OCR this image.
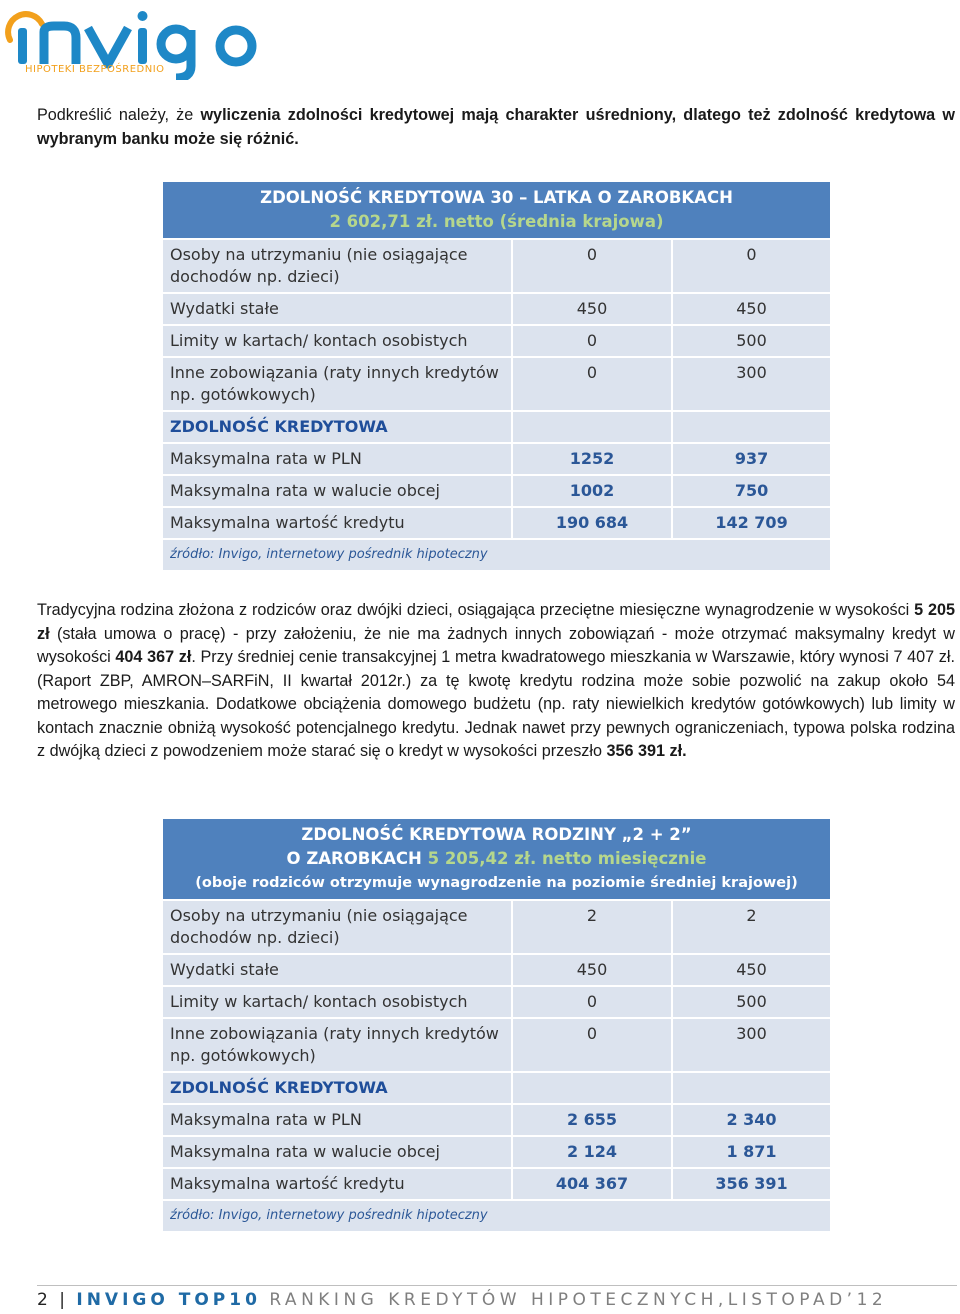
HIPOTEKI BEZPOŚREDNIO
Podkreślić należy, że wyliczenia zdolności kredytowej mają charakter uśredniony, dlatego też zdolność kredytowa w wybranym banku może się różnić.
ZDOLNOŚĆ KREDYTOWA 30 – LATKA O ZAROBKACH
2 602,71 zł. netto (średnia krajowa)		

Osoby na utrzymaniu (nie osiągające dochodów np. dzieci)	0	0
Wydatki stałe	450	450
Limity w kartach/ kontach osobistych	0	500
Inne zobowiązania (raty innych kredytów np. gotówkowych)	0	300
ZDOLNOŚĆ KREDYTOWA		
Maksymalna rata w PLN	1252	937
Maksymalna rata w walucie obcej	1002	750
Maksymalna wartość kredytu	190 684	142 709
źródło: Invigo, internetowy pośrednik hipoteczny		
Tradycyjna rodzina złożona z rodziców oraz dwójki dzieci, osiągająca przeciętne miesięczne wynagrodzenie w wysokości 5 205 zł (stała umowa o pracę) - przy założeniu, że nie ma żadnych innych zobowiązań - może otrzymać maksymalny kredyt w wysokości 404 367 zł. Przy średniej cenie transakcyjnej 1 metra kwadratowego mieszkania w Warszawie, który wynosi 7 407 zł. (Raport ZBP, AMRON–SARFiN, II kwartał 2012r.) za tę kwotę kredytu rodzina może sobie pozwolić na zakup około 54 metrowego mieszkania. Dodatkowe obciążenia domowego budżetu (np. raty niewielkich kredytów gotówkowych) lub limity w kontach znacznie obniżą wysokość potencjalnego kredytu. Jednak nawet przy pewnych ograniczeniach, typowa polska rodzina z dwójką dzieci z powodzeniem może starać się o kredyt w wysokości przeszło 356 391 zł.
ZDOLNOŚĆ KREDYTOWA RODZINY „2 + 2”
O ZAROBKACH 5 205,42 zł. netto miesięcznie
(oboje rodziców otrzymuje wynagrodzenie na poziomie średniej krajowej)		

Osoby na utrzymaniu (nie osiągające dochodów np. dzieci)	2	2
Wydatki stałe	450	450
Limity w kartach/ kontach osobistych	0	500
Inne zobowiązania (raty innych kredytów np. gotówkowych)	0	300
ZDOLNOŚĆ KREDYTOWA		
Maksymalna rata w PLN	2 655	2 340
Maksymalna rata w walucie obcej	2 124	1 871
Maksymalna wartość kredytu	404 367	356 391
źródło: Invigo, internetowy pośrednik hipoteczny		
2 | INVIGO TOP10 RANKING KREDYTÓW HIPOTECZNYCH,LISTOPAD’12
